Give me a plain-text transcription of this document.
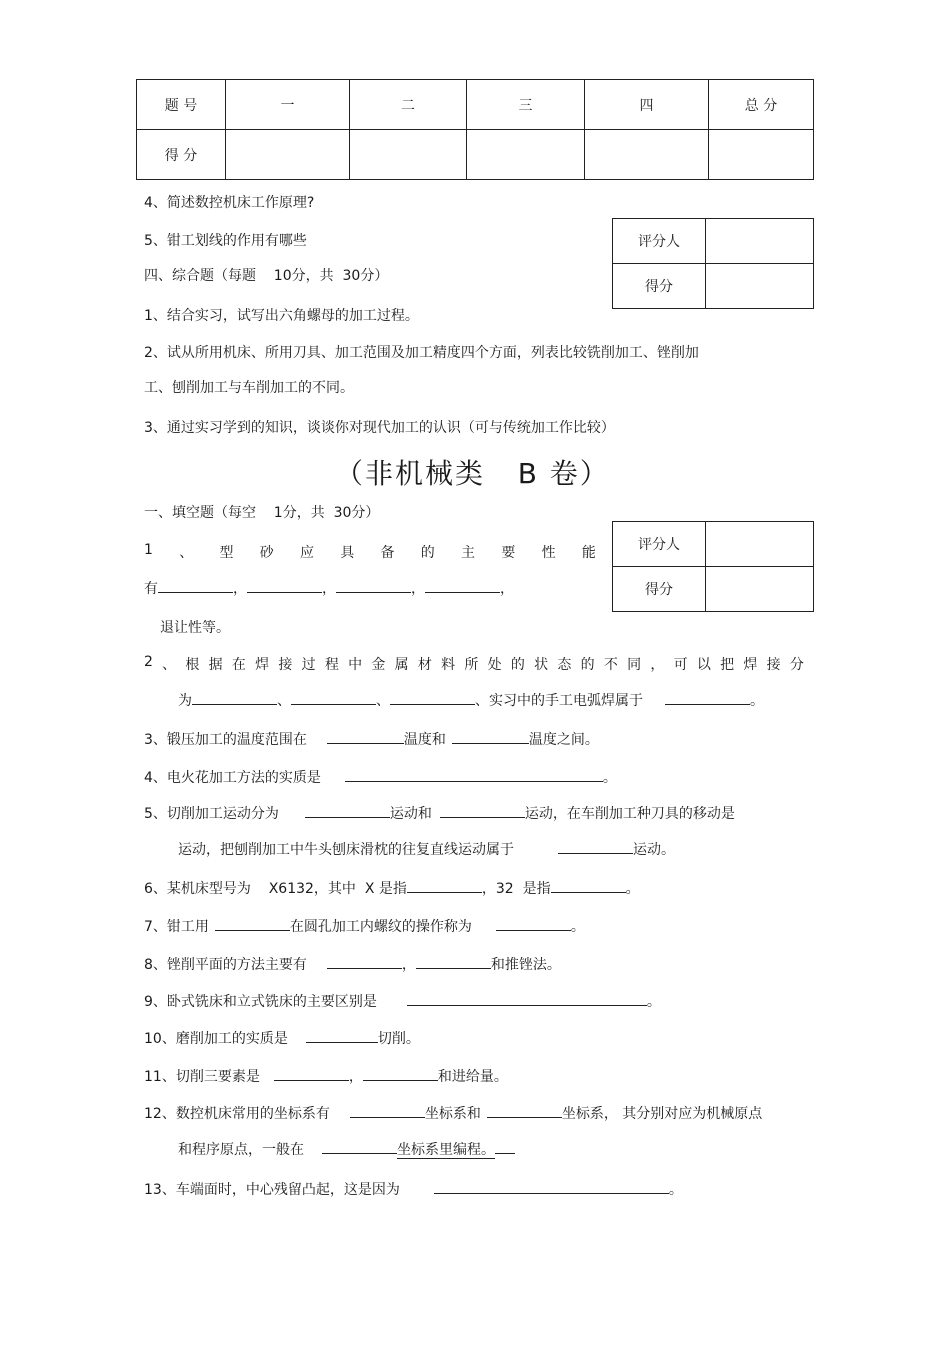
题 号	一	二	三	四	总 分
得 分					
评分人	
得分	
4、简述数控机床工作原理?
5、钳工划线的作用有哪些
四、综合题（每题    10分，共  30分）
1、结合实习，试写出六角螺母的加工过程。
2、试从所用机床、所用刀具、加工范围及加工精度四个方面，列表比较铣削加工、锉削加
工、刨削加工与车削加工的不同。
3、通过实习学到的知识，谈谈你对现代加工的认识（可与传统加工作比较）
（非机械类   B 卷）
一、填空题（每空    1分，共  30分）
评分人	
得分	
1 、 型 砂 应 具 备 的 主 要 性 能
有	，	，	，	，
退让性等。
2 、 根 据 在 焊 接 过 程 中 金 属 材 料 所 处 的 状 态 的 不 同 ， 可 以 把 焊 接 分
为	、	、	、实习中的手工电弧焊属于	。
3、锻压加工的温度范围在	温度和	温度之间。
4、电火花加工方法的实质是	。
5、切削加工运动分为	运动和	运动，在车削加工种刀具的移动是
运动，把刨削加工中牛头刨床滑枕的往复直线运动属于	运动。
6、某机床型号为    X6132，其中  X 是指	，32  是指	。
7、钳工用	在圆孔加工内螺纹的操作称为	。
8、锉削平面的方法主要有	，	和推锉法。
9、卧式铣床和立式铣床的主要区别是	。
10、磨削加工的实质是	切削。
11、切削三要素是	，	和进给量。
12、数控机床常用的坐标系有	坐标系和	坐标系， 其分别对应为机械原点
和程序原点，一般在	坐标系里编程。
13、车端面时，中心残留凸起，这是因为	。
